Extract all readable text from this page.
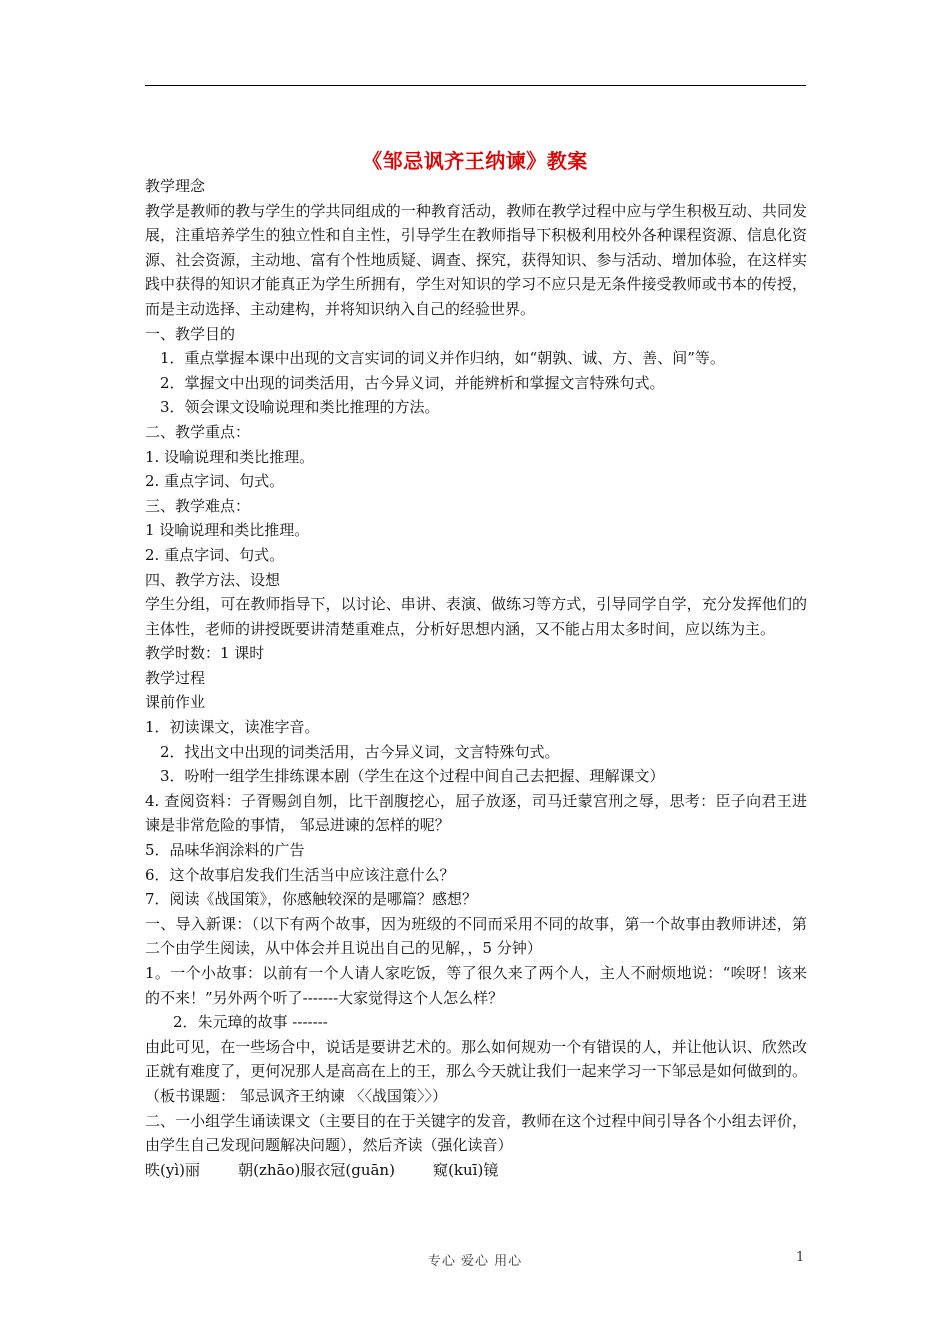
《邹忌讽齐王纳谏》教案

教学理念

教学是教师的教与学生的学共同组成的一种教育活动，教师在教学过程中应与学生积极互动、共同发展，注重培养学生的独立性和自主性，引导学生在教师指导下积极利用校外各种课程资源、信息化资源、社会资源，主动地、富有个性地质疑、调查、探究，获得知识、参与活动、增加体验，在这样实践中获得的知识才能真正为学生所拥有，学生对知识的学习不应只是无条件接受教师或书本的传授，而是主动选择、主动建构，并将知识纳入自己的经验世界。

一、教学目的

1．重点掌握本课中出现的文言实词的词义并作归纳，如“朝孰、诚、方、善、间”等。

2．掌握文中出现的词类活用，古今异义词，并能辨析和掌握文言特殊句式。

3．领会课文设喻说理和类比推理的方法。

二、教学重点：

1. 设喻说理和类比推理。

2. 重点字词、句式。

三、教学难点：

1 设喻说理和类比推理。

2. 重点字词、句式。

四、教学方法、设想

学生分组，可在教师指导下，以讨论、串讲、表演、做练习等方式，引导同学自学，充分发挥他们的主体性，老师的讲授既要讲清楚重难点，分析好思想内涵，又不能占用太多时间，应以练为主。

教学时数：1 课时

教学过程

课前作业

1．初读课文，读准字音。

2．找出文中出现的词类活用，古今异义词，文言特殊句式。

3．吩咐一组学生排练课本剧（学生在这个过程中间自己去把握、理解课文）

4. 查阅资料：子胥赐剑自刎，比干剖腹挖心，屈子放逐，司马迁蒙宫刑之辱，思考：臣子向君王进谏是非常危险的事情， 邹忌进谏的怎样的呢？

5．品味华润涂料的广告

6．这个故事启发我们生活当中应该注意什么？

7．阅读《战国策》，你感触较深的是哪篇？感想？

一、导入新课：（以下有两个故事，因为班级的不同而采用不同的故事，第一个故事由教师讲述，第二个由学生阅读，从中体会并且说出自己的见解，，5 分钟）

1。一个小故事：以前有一个人请人家吃饭，等了很久来了两个人，主人不耐烦地说：“唉呀！该来的不来！”另外两个听了-------大家觉得这个人怎么样？

2．朱元璋的故事 -------

由此可见，在一些场合中，说话是要讲艺术的。那么如何规劝一个有错误的人，并让他认识、欣然改正就有难度了，更何况那人是高高在上的王，那么今天就让我们一起来学习一下邹忌是如何做到的。（板书课题： 邹忌讽齐王纳谏 〈〈战国策〉〉）

二、一小组学生诵读课文（主要目的在于关键字的发音，教师在这个过程中间引导各个小组去评价，由学生自己发现问题解决问题），然后齐读（强化读音）

昳(yì)丽        朝(zhāo)服衣冠(guān)        窥(kuī)镜

专心 爱心 用心	1
